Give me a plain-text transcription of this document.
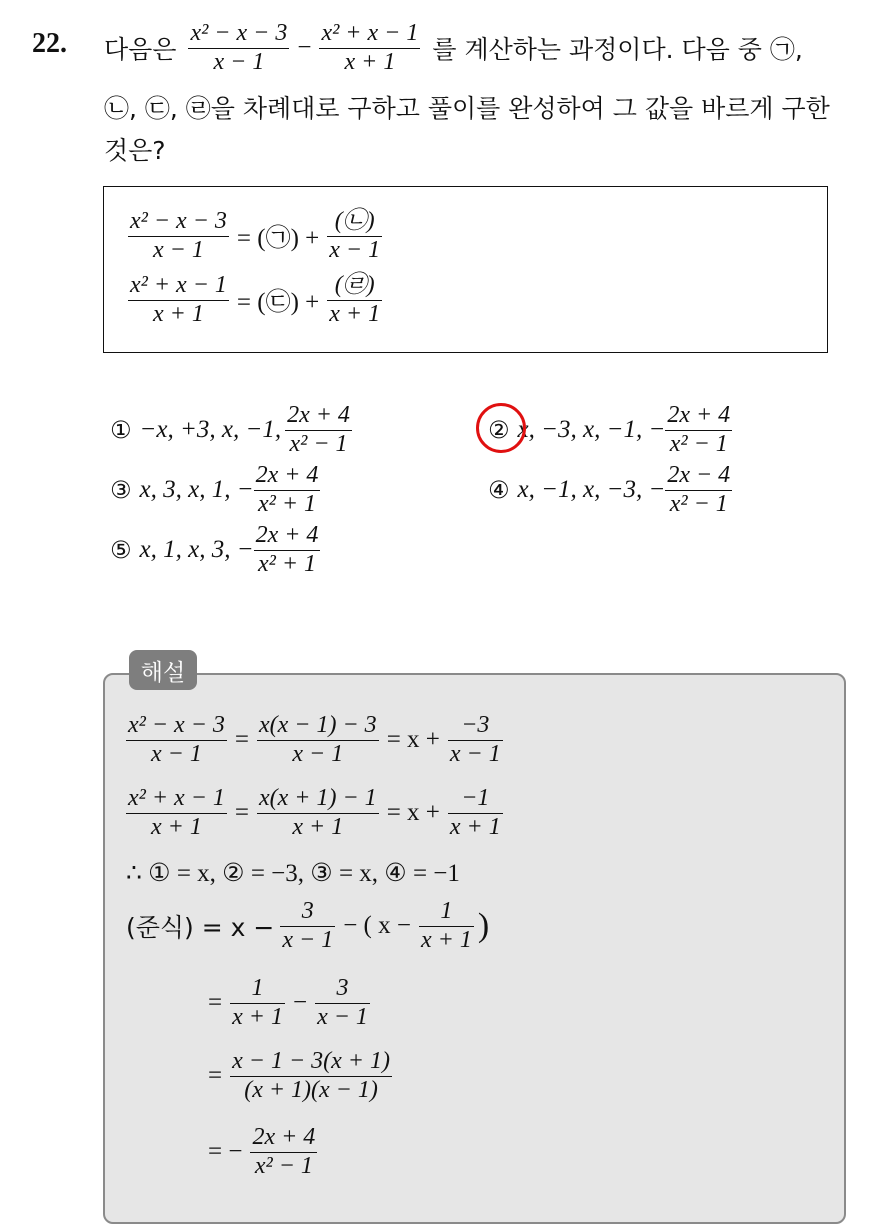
22. 다음은 $\frac{\text{x² − x − 3}}{x - 1} - \frac{\text{x² + x − 1}}{x + 1}$ 를 계산하는 과정이다. 다음 중 ㉠,
㉡, ㉢, ㉣을 차례대로 구하고 풀이를 완성하여 그 값을 바르게 구한
것은?
$\frac{\text{x² − x − 3}}{x - 1}$ = (㉠) + $\frac{(㉡)}{x - 1}$
$\frac{\text{x² + x − 1}}{x + 1}$ = (㉢) + $\frac{(㉣)}{x + 1}$
① −x, +3, x, −1, $\frac{2x + 4}{\text{x² − 1}}$	② x, −3, x, −1, − $\frac{2x + 4}{\text{x² − 1}}$
③ x, 3, x, 1, − $\frac{2x + 4}{\text{x² + 1}}$	④ x, −1, x, −3, − $\frac{2x - 4}{\text{x² − 1}}$
⑤ x, 1, x, 3, − $\frac{2x + 4}{\text{x² + 1}}$
해설
$\frac{\text{x² − x − 3}}{x - 1} = \frac{x(x - 1) - 3}{x - 1} = x + \frac{-3}{x - 1}$
$\frac{\text{x² + x − 1}}{x + 1} = \frac{x(x + 1) - 1}{x + 1} = x + \frac{-1}{x + 1}$
∴ ① = x, ② = −3, ③ = x, ④ = −1
(준식) = $x - \frac{3}{x - 1}$ − ( $x - \frac{1}{x + 1}$ )
= $\frac{1}{x + 1} - \frac{3}{x - 1}$
= $\frac{x - 1 - 3(x + 1)}{(x + 1)(x - 1)}$
= − $\frac{2x + 4}{\text{x² − 1}}$
